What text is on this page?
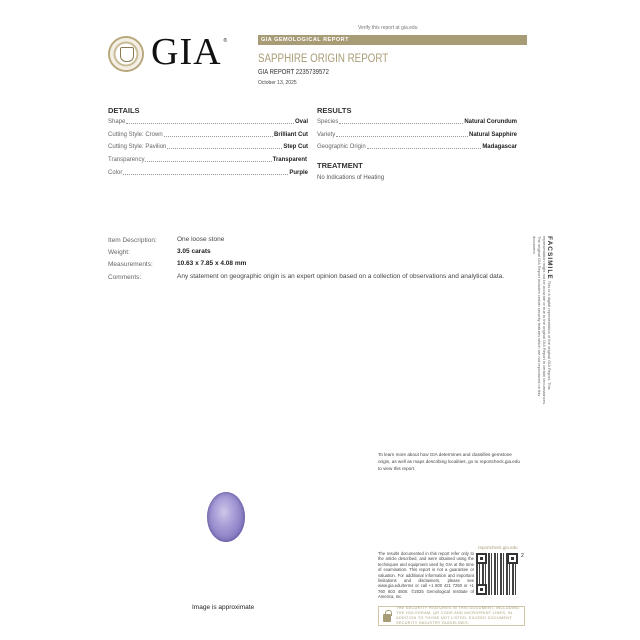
GIA ®
Verify this report at gia.edu
GIA GEMOLOGICAL REPORT
SAPPHIRE ORIGIN REPORT
GIA REPORT 2235739572
October 13, 2025
DETAILS
Shape	Oval
Cutting Style: Crown	Brilliant Cut
Cutting Style: Pavilion	Step Cut
Transparency	Transparent
Color	Purple
RESULTS
Species	Natural Corundum
Variety	Natural Sapphire
Geographic Origin	Madagascar
TREATMENT
No Indications of Heating
Item Description:	One loose stone
Weight:	3.05 carats
Measurements:	10.63 x 7.85 x 4.08 mm
Comments:	Any statement on geographic origin is an expert opinion based on a collection of observations and analytical data.	FACSIMILE This is a digital representation of the original GIA Report. This representation might not be accurate or true to the original GIA Report in certain circumstances. The original GIA Report includes certain security features which are not reproduced on this document.
To learn more about how GIA determines and classifies gemstone origin, as well as maps describing localities, go to reportcheck.gia.edu to view this report.
Image is approximate
The results documented in this report refer only to the article described, and were obtained using the techniques and equipment used by GIA at the time of examination. This report is not a guarantee or valuation. For additional information and important limitations and disclaimers, please see www.gia.edu/terms or call +1 800 421 7250 or +1 760 603 4500. ©2025 Gemological Institute of America, Inc.
reportcheck.gia.edu
2
THE SECURITY FEATURES IN THIS DOCUMENT, INCLUDING THE HOLOGRAM, QR CODE AND MICROPRINT LINES, IN ADDITION TO THOSE NOT LISTED, EXCEED DOCUMENT SECURITY INDUSTRY GUIDELINES.
